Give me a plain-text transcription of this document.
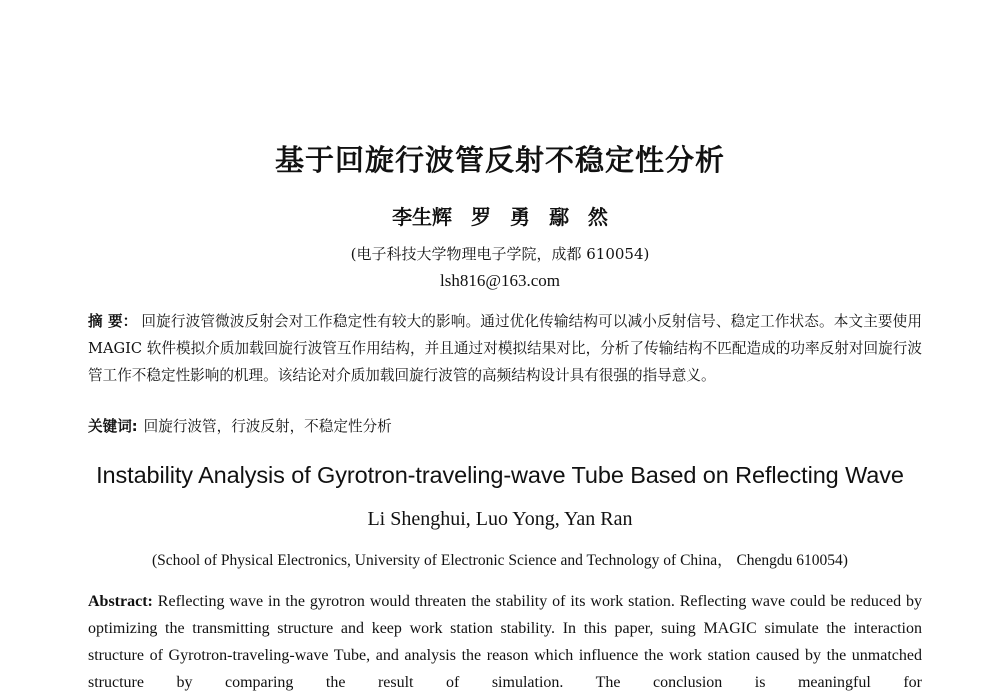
基于回旋行波管反射不稳定性分析
李生辉 罗 勇 鄢 然
(电子科技大学物理电子学院，成都 610054)
lsh816@163.com
摘 要： 回旋行波管微波反射会对工作稳定性有较大的影响。通过优化传输结构可以减小反射信号、稳定工作状态。本文主要使用 MAGIC 软件模拟介质加载回旋行波管互作用结构，并且通过对模拟结果对比，分析了传输结构不匹配造成的功率反射对回旋行波管工作不稳定性影响的机理。该结论对介质加载回旋行波管的高频结构设计具有很强的指导意义。
关键词: 回旋行波管，行波反射，不稳定性分析
Instability Analysis of Gyrotron-traveling-wave Tube Based on Reflecting Wave
Li Shenghui, Luo Yong, Yan Ran
(School of Physical Electronics, University of Electronic Science and Technology of China， Chengdu 610054)
Abstract: Reflecting wave in the gyrotron would threaten the stability of its work station. Reflecting wave could be reduced by optimizing the transmitting structure and keep work station stability. In this paper, suing MAGIC simulate the interaction structure of Gyrotron-traveling-wave Tube, and analysis the reason which influence the work station caused by the unmatched structure by comparing the result of simulation. The conclusion is meaningful for
